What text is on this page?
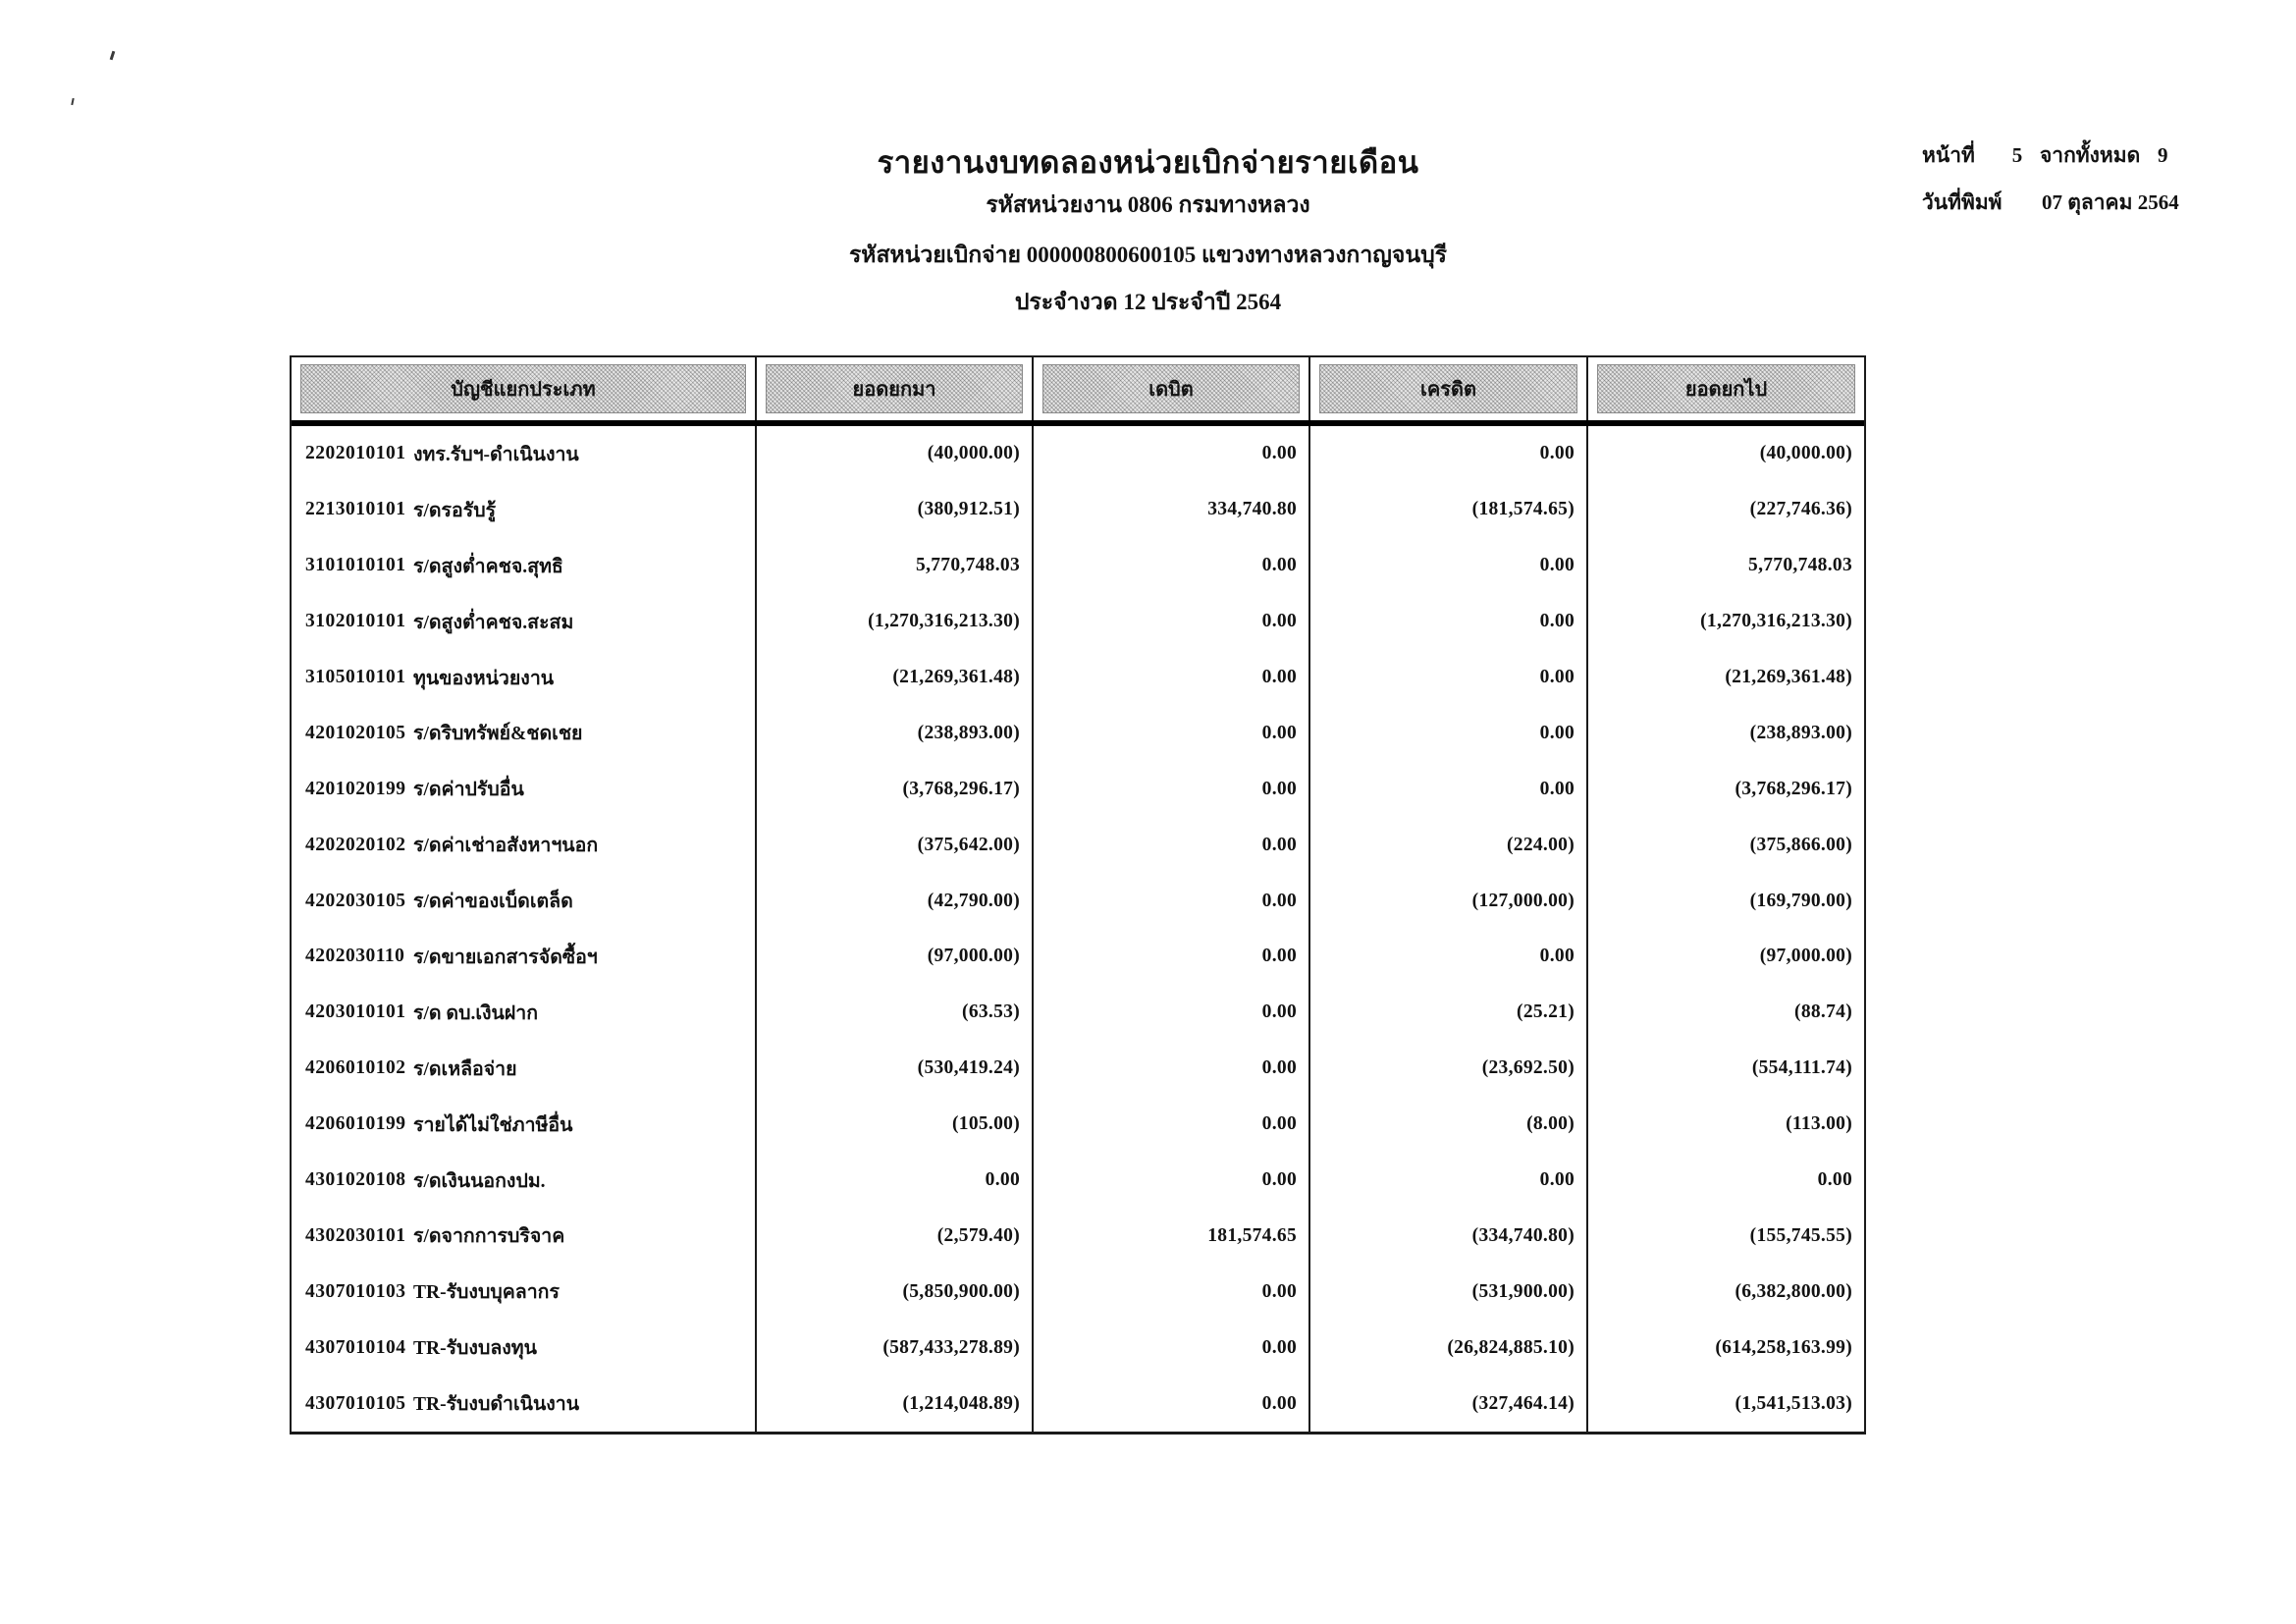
รายงานงบทดลองหน่วยเบิกจ่ายรายเดือน
รหัสหน่วยงาน 0806 กรมทางหลวง
รหัสหน่วยเบิกจ่าย 000000800600105 แขวงทางหลวงกาญจนบุรี
ประจำงวด 12 ประจำปี 2564
หน้าที่	5 จากทั้งหมด 9
วันที่พิมพ์	07 ตุลาคม 2564
บัญชีแยกประเภท	ยอดยกมา	เดบิต	เครดิต	ยอดยกไป
2202010101 งทร.รับฯ-ดำเนินงาน	(40,000.00)	0.00	0.00	(40,000.00)
2213010101 ร/ดรอรับรู้	(380,912.51)	334,740.80	(181,574.65)	(227,746.36)
3101010101 ร/ดสูงต่ำคชจ.สุทธิ	5,770,748.03	0.00	0.00	5,770,748.03
3102010101 ร/ดสูงต่ำคชจ.สะสม	(1,270,316,213.30)	0.00	0.00	(1,270,316,213.30)
3105010101 ทุนของหน่วยงาน	(21,269,361.48)	0.00	0.00	(21,269,361.48)
4201020105 ร/ดริบทรัพย์&ชดเชย	(238,893.00)	0.00	0.00	(238,893.00)
4201020199 ร/ดค่าปรับอื่น	(3,768,296.17)	0.00	0.00	(3,768,296.17)
4202020102 ร/ดค่าเช่าอสังหาฯนอก	(375,642.00)	0.00	(224.00)	(375,866.00)
4202030105 ร/ดค่าของเบ็ดเตล็ด	(42,790.00)	0.00	(127,000.00)	(169,790.00)
4202030110 ร/ดขายเอกสารจัดซื้อฯ	(97,000.00)	0.00	0.00	(97,000.00)
4203010101 ร/ด ดบ.เงินฝาก	(63.53)	0.00	(25.21)	(88.74)
4206010102 ร/ดเหลือจ่าย	(530,419.24)	0.00	(23,692.50)	(554,111.74)
4206010199 รายได้ไม่ใช่ภาษีอื่น	(105.00)	0.00	(8.00)	(113.00)
4301020108 ร/ดเงินนอกงปม.	0.00	0.00	0.00	0.00
4302030101 ร/ดจากการบริจาค	(2,579.40)	181,574.65	(334,740.80)	(155,745.55)
4307010103 TR-รับงบบุคลากร	(5,850,900.00)	0.00	(531,900.00)	(6,382,800.00)
4307010104 TR-รับงบลงทุน	(587,433,278.89)	0.00	(26,824,885.10)	(614,258,163.99)
4307010105 TR-รับงบดำเนินงาน	(1,214,048.89)	0.00	(327,464.14)	(1,541,513.03)
